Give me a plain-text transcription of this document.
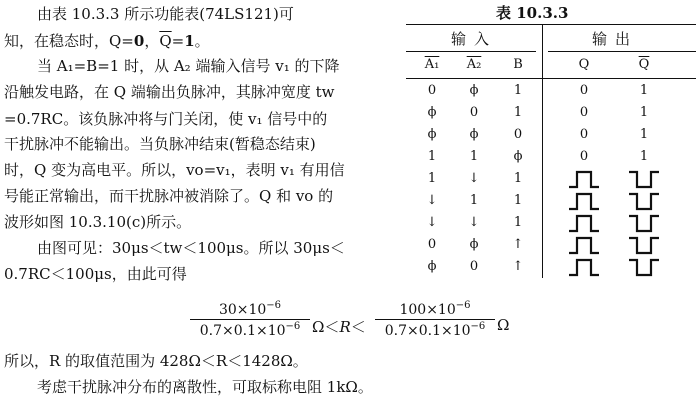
由表 10.3.3 所示功能表(74LS121)可
知，在稳态时，Q=0，$\overline{Q}=1$。
当 A₁=B=1 时，从 A₂ 端输入信号 v₁ 的下降
沿触发电路，在 Q 端输出负脉冲，其脉冲宽度 tw
=0.7RC。该负脉冲将与门关闭，使 v₁ 信号中的
干扰脉冲不能输出。当负脉冲结束(暂稳态结束)
时，Q 变为高电平。所以，vo=v₁，表明 v₁ 有用信
号能正常输出，而干扰脉冲被消除了。Q 和 vo 的
波形如图 10.3.10(c)所示。
由图可见：30μs＜tw＜100μs。所以 30μs＜
0.7RC＜100μs，由此可得
$30\times 10^{-6}$
$0.7\times 0.1\times 10^{-6}$ Ω＜R＜
$100\times 10^{-6}$
$0.7\times 0.1\times 10^{-6}$ Ω
所以，R 的取值范围为 428Ω＜R＜1428Ω。
考虑干扰脉冲分布的离散性，可取标称电阻 1kΩ。
表 10.3.3
输入	输出
A₁	A₂	B	Q	$\overline{Q}$
0	ϕ	1	0	1
ϕ	0	1	0	1
ϕ	ϕ	0	0	1
1	1	ϕ	0	1
1	↓	1
↓	1	1
↓	↓	1
0	ϕ	↑
ϕ	0	↑
